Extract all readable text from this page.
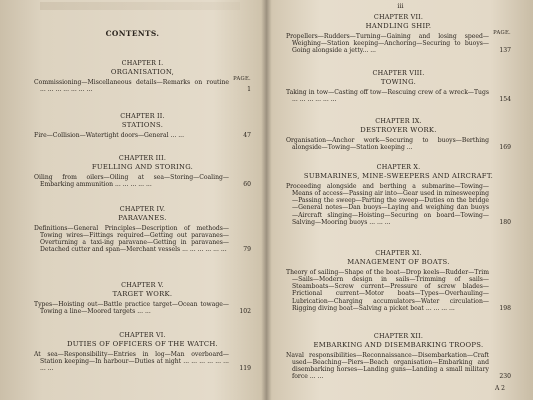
CONTENTS.
CHAPTER I.
ORGANISATION,
PAGE.
Commissioning—Miscellaneous details—Remarks on routine ... ... ... ... ... ... ...	1
CHAPTER II.
STATIONS.
Fire—Collision—Watertight doors—General ... ...	47
CHAPTER III.
FUELLING AND STORING.
Oiling from oilers—Oiling at sea—Storing—Coaling—Embarking ammunition ... ... ... ... ...	60
CHAPTER IV.
PARAVANES.
Definitions—General Principles—Description of methods—Towing wires—Fittings required—Getting out paravanes—Overturning a taxi-ing paravane—Getting in paravanes—Detached cutter and span—Merchant vessels ... ... ... ... ... ...	79
CHAPTER V.
TARGET WORK.
Types—Hoisting out—Battle practice target—Ocean towage—Towing a line—Moored targets ... ...	102
CHAPTER VI.
DUTIES OF OFFICERS OF THE WATCH.
At sea—Responsibility—Entries in log—Man overboard—Station keeping—In harbour—Duties at night ... ... ... ... ... ... ... ...	119
iii
CHAPTER VII.
HANDLING SHIP.
PAGE.
Propellers—Rudders—Turning—Gaining and losing speed—Weighing—Station keeping—Anchoring—Securing to buoys—Going alongside a jetty... ...	137
CHAPTER VIII.
TOWING.
Taking in tow—Casting off tow—Rescuing crew of a wreck—Tugs ... ... ... ... ... ...	154
CHAPTER IX.
DESTROYER WORK.
Organisation—Anchor work—Securing to buoys—Berthing alongside—Towing—Station keeping ...	169
CHAPTER X.
SUBMARINES, MINE-SWEEPERS AND AIRCRAFT.
Proceeding alongside and berthing a submarine—Towing—Means of access—Passing air into—Gear used in minesweeping—Passing the sweep—Parting the sweep—Duties on the bridge—General notes—Dan buoys—Laying and weighing dan buoys—Aircraft slinging—Hoisting—Securing on board—Towing—Salving—Mooring buoys ... ... ...	180
CHAPTER XI.
MANAGEMENT OF BOATS.
Theory of sailing—Shape of the boat—Drop keels—Rudder—Trim—Sails—Modern design in sails—Trimming of sails—Steamboats—Screw current—Pressure of screw blades—Frictional current—Motor boats—Types—Overhauling—Lubrication—Charging accumulators—Water circulation—Rigging diving boat—Salving a picket boat ... ... ... ...	198
CHAPTER XII.
EMBARKING AND DISEMBARKING TROOPS.
Naval responsibilities—Reconnaissance—Disembarkation—Craft used—Beaching—Piers—Beach organisation—Embarking and disembarking horses—Landing guns—Landing a small military force ... ...	230
A 2
